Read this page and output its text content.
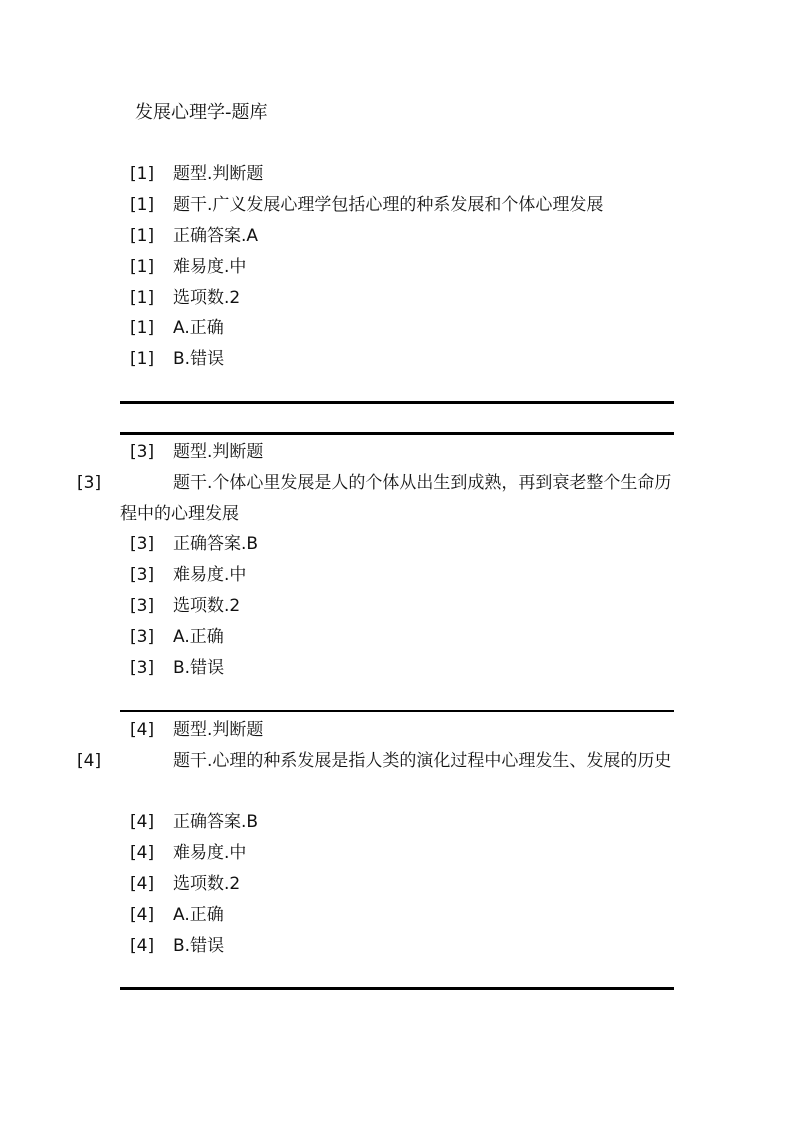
发展心理学-题库
[1] 题型.判断题
[1] 题干.广义发展心理学包括心理的种系发展和个体心理发展
[1] 正确答案.A
[1] 难易度.中
[1] 选项数.2
[1] A.正确
[1] B.错误
[3] 题型.判断题
[3]	题干.个体心里发展是人的个体从出生到成熟，再到衰老整个生命历程中的心理发展
[3] 正确答案.B
[3] 难易度.中
[3] 选项数.2
[3] A.正确
[3] B.错误
[4] 题型.判断题
[4]	题干.心理的种系发展是指人类的演化过程中心理发生、发展的历史
[4] 正确答案.B
[4] 难易度.中
[4] 选项数.2
[4] A.正确
[4] B.错误
